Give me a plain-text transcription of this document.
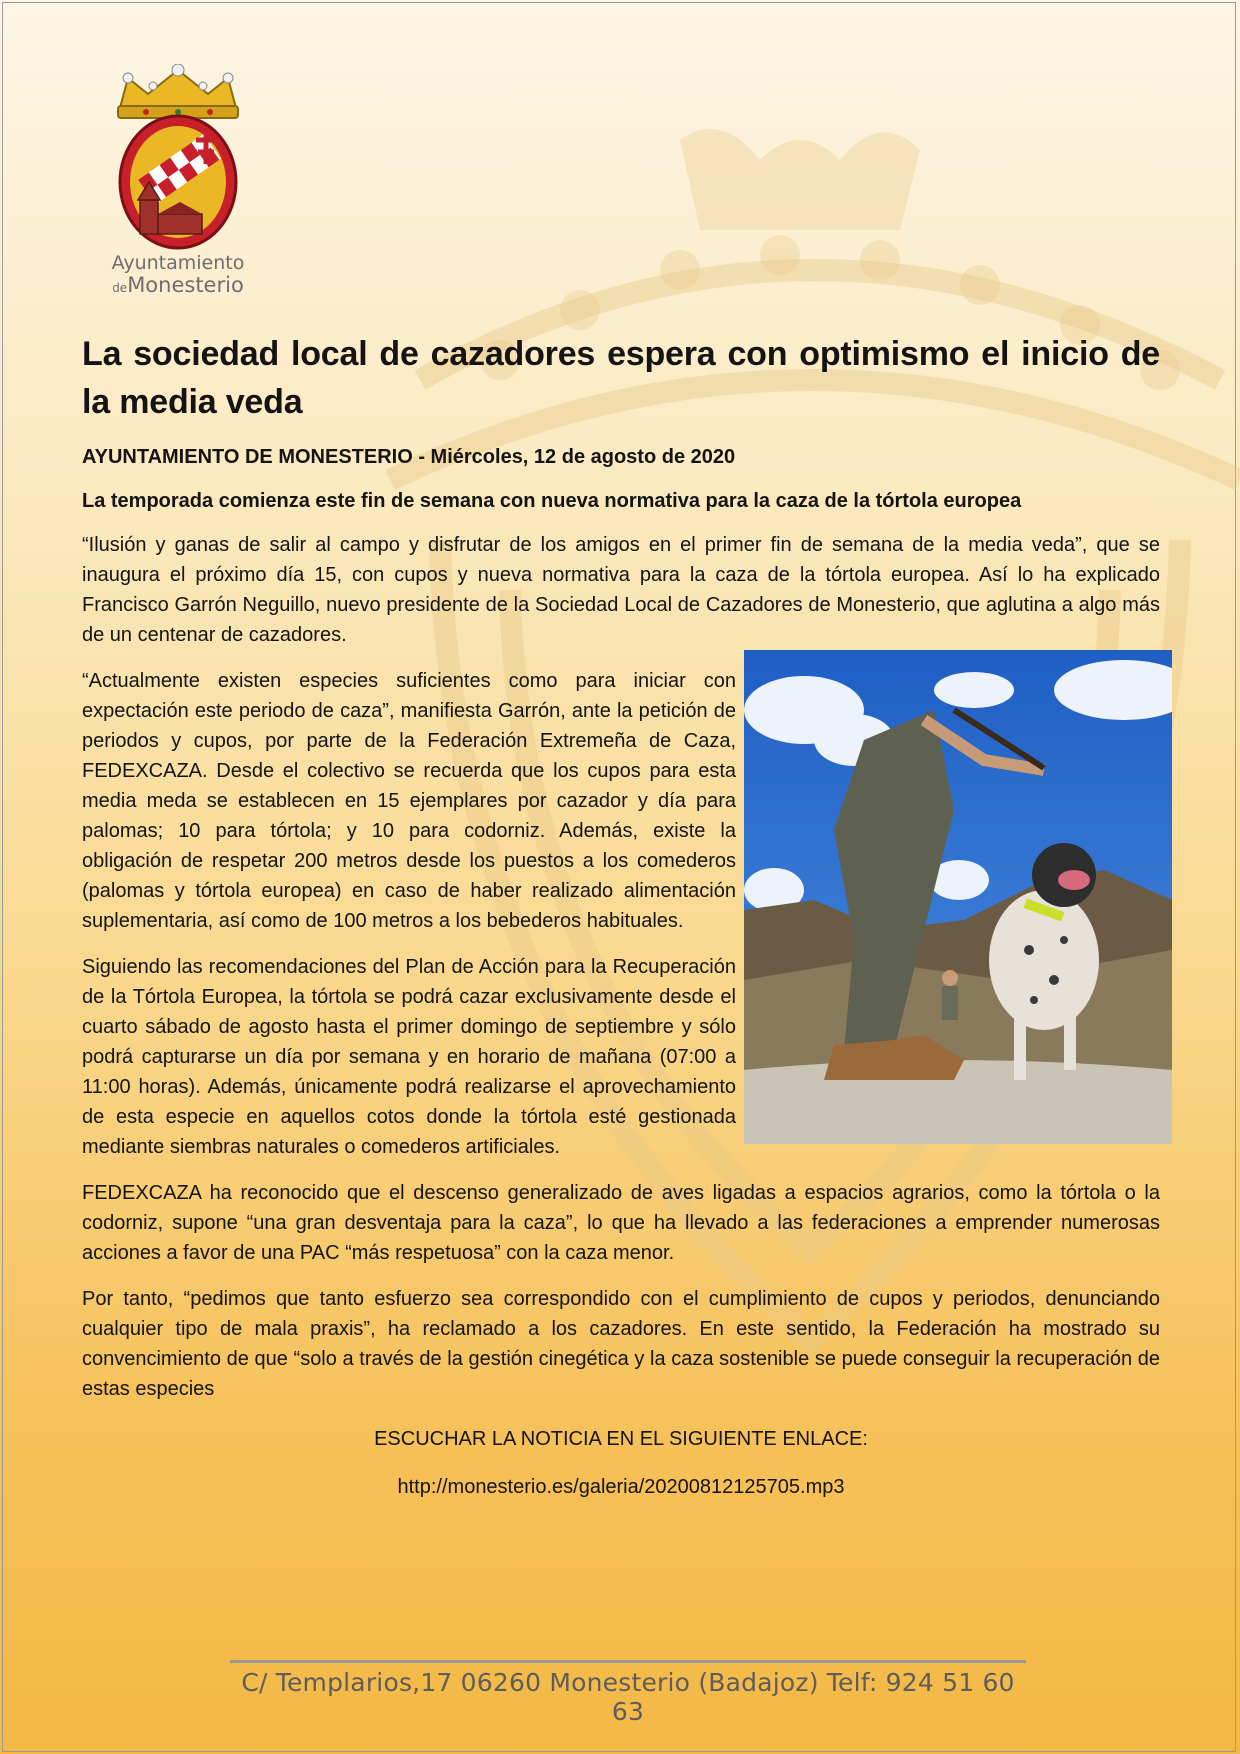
Ayuntamiento
deMonesterio
La sociedad local de cazadores espera con optimismo el inicio de la media veda
AYUNTAMIENTO DE MONESTERIO - Miércoles, 12 de agosto de 2020
La temporada comienza este fin de semana con nueva normativa para la caza de la tórtola europea

“Ilusión y ganas de salir al campo y disfrutar de los amigos en el primer fin de semana de la media veda”, que se inaugura el próximo día 15, con cupos y nueva normativa para la caza de la tórtola europea. Así lo ha explicado Francisco Garrón Neguillo, nuevo presidente de la Sociedad Local de Cazadores de Monesterio, que aglutina a algo más de un centenar de cazadores.

“Actualmente existen especies suficientes como para iniciar con expectación este periodo de caza”, manifiesta Garrón, ante la petición de periodos y cupos, por parte de la Federación Extremeña de Caza, FEDEXCAZA. Desde el colectivo se recuerda que los cupos para esta media meda se establecen en 15 ejemplares por cazador y día para palomas; 10 para tórtola; y 10 para codorniz. Además, existe la obligación de respetar 200 metros desde los puestos a los comederos (palomas y tórtola europea) en caso de haber realizado alimentación suplementaria, así como de 100 metros a los bebederos habituales.

Siguiendo las recomendaciones del Plan de Acción para la Recuperación de la Tórtola Europea, la tórtola se podrá cazar exclusivamente desde el cuarto sábado de agosto hasta el primer domingo de septiembre y sólo podrá capturarse un día por semana y en horario de mañana (07:00 a 11:00 horas). Además, únicamente podrá realizarse el aprovechamiento de esta especie en aquellos cotos donde la tórtola esté gestionada mediante siembras naturales o comederos artificiales.

FEDEXCAZA ha reconocido que el descenso generalizado de aves ligadas a espacios agrarios, como la tórtola o la codorniz, supone “una gran desventaja para la caza”, lo que ha llevado a las federaciones a emprender numerosas acciones a favor de una PAC “más respetuosa” con la caza menor.

Por tanto, “pedimos que tanto esfuerzo sea correspondido con el cumplimiento de cupos y periodos, denunciando cualquier tipo de mala praxis”, ha reclamado a los cazadores. En este sentido, la Federación ha mostrado su convencimiento de que “solo a través de la gestión cinegética y la caza sostenible se puede conseguir la recuperación de estas especies

ESCUCHAR LA NOTICIA EN EL SIGUIENTE ENLACE:
http://monesterio.es/galeria/20200812125705.mp3
C/ Templarios,17 06260 Monesterio (Badajoz) Telf: 924 51 60 63
